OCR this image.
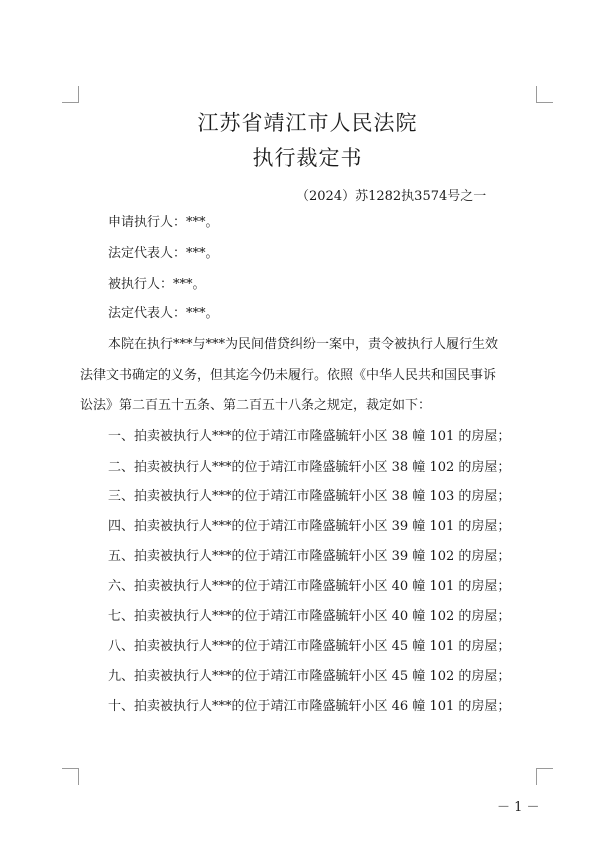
江苏省靖江市人民法院
执行裁定书
（2024）苏1282执3574号之一
申请执行人：***。
法定代表人：***。
被执行人：***。
法定代表人：***。
本院在执行***与***为民间借贷纠纷一案中，责令被执行人履行生效
法律文书确定的义务，但其迄今仍未履行。依照《中华人民共和国民事诉
讼法》第二百五十五条、第二百五十八条之规定，裁定如下：
一、拍卖被执行人***的位于靖江市隆盛毓轩小区 38 幢 101 的房屋；
二、拍卖被执行人***的位于靖江市隆盛毓轩小区 38 幢 102 的房屋；
三、拍卖被执行人***的位于靖江市隆盛毓轩小区 38 幢 103 的房屋；
四、拍卖被执行人***的位于靖江市隆盛毓轩小区 39 幢 101 的房屋；
五、拍卖被执行人***的位于靖江市隆盛毓轩小区 39 幢 102 的房屋；
六、拍卖被执行人***的位于靖江市隆盛毓轩小区 40 幢 101 的房屋；
七、拍卖被执行人***的位于靖江市隆盛毓轩小区 40 幢 102 的房屋；
八、拍卖被执行人***的位于靖江市隆盛毓轩小区 45 幢 101 的房屋；
九、拍卖被执行人***的位于靖江市隆盛毓轩小区 45 幢 102 的房屋；
十、拍卖被执行人***的位于靖江市隆盛毓轩小区 46 幢 101 的房屋；
－ 1 －
